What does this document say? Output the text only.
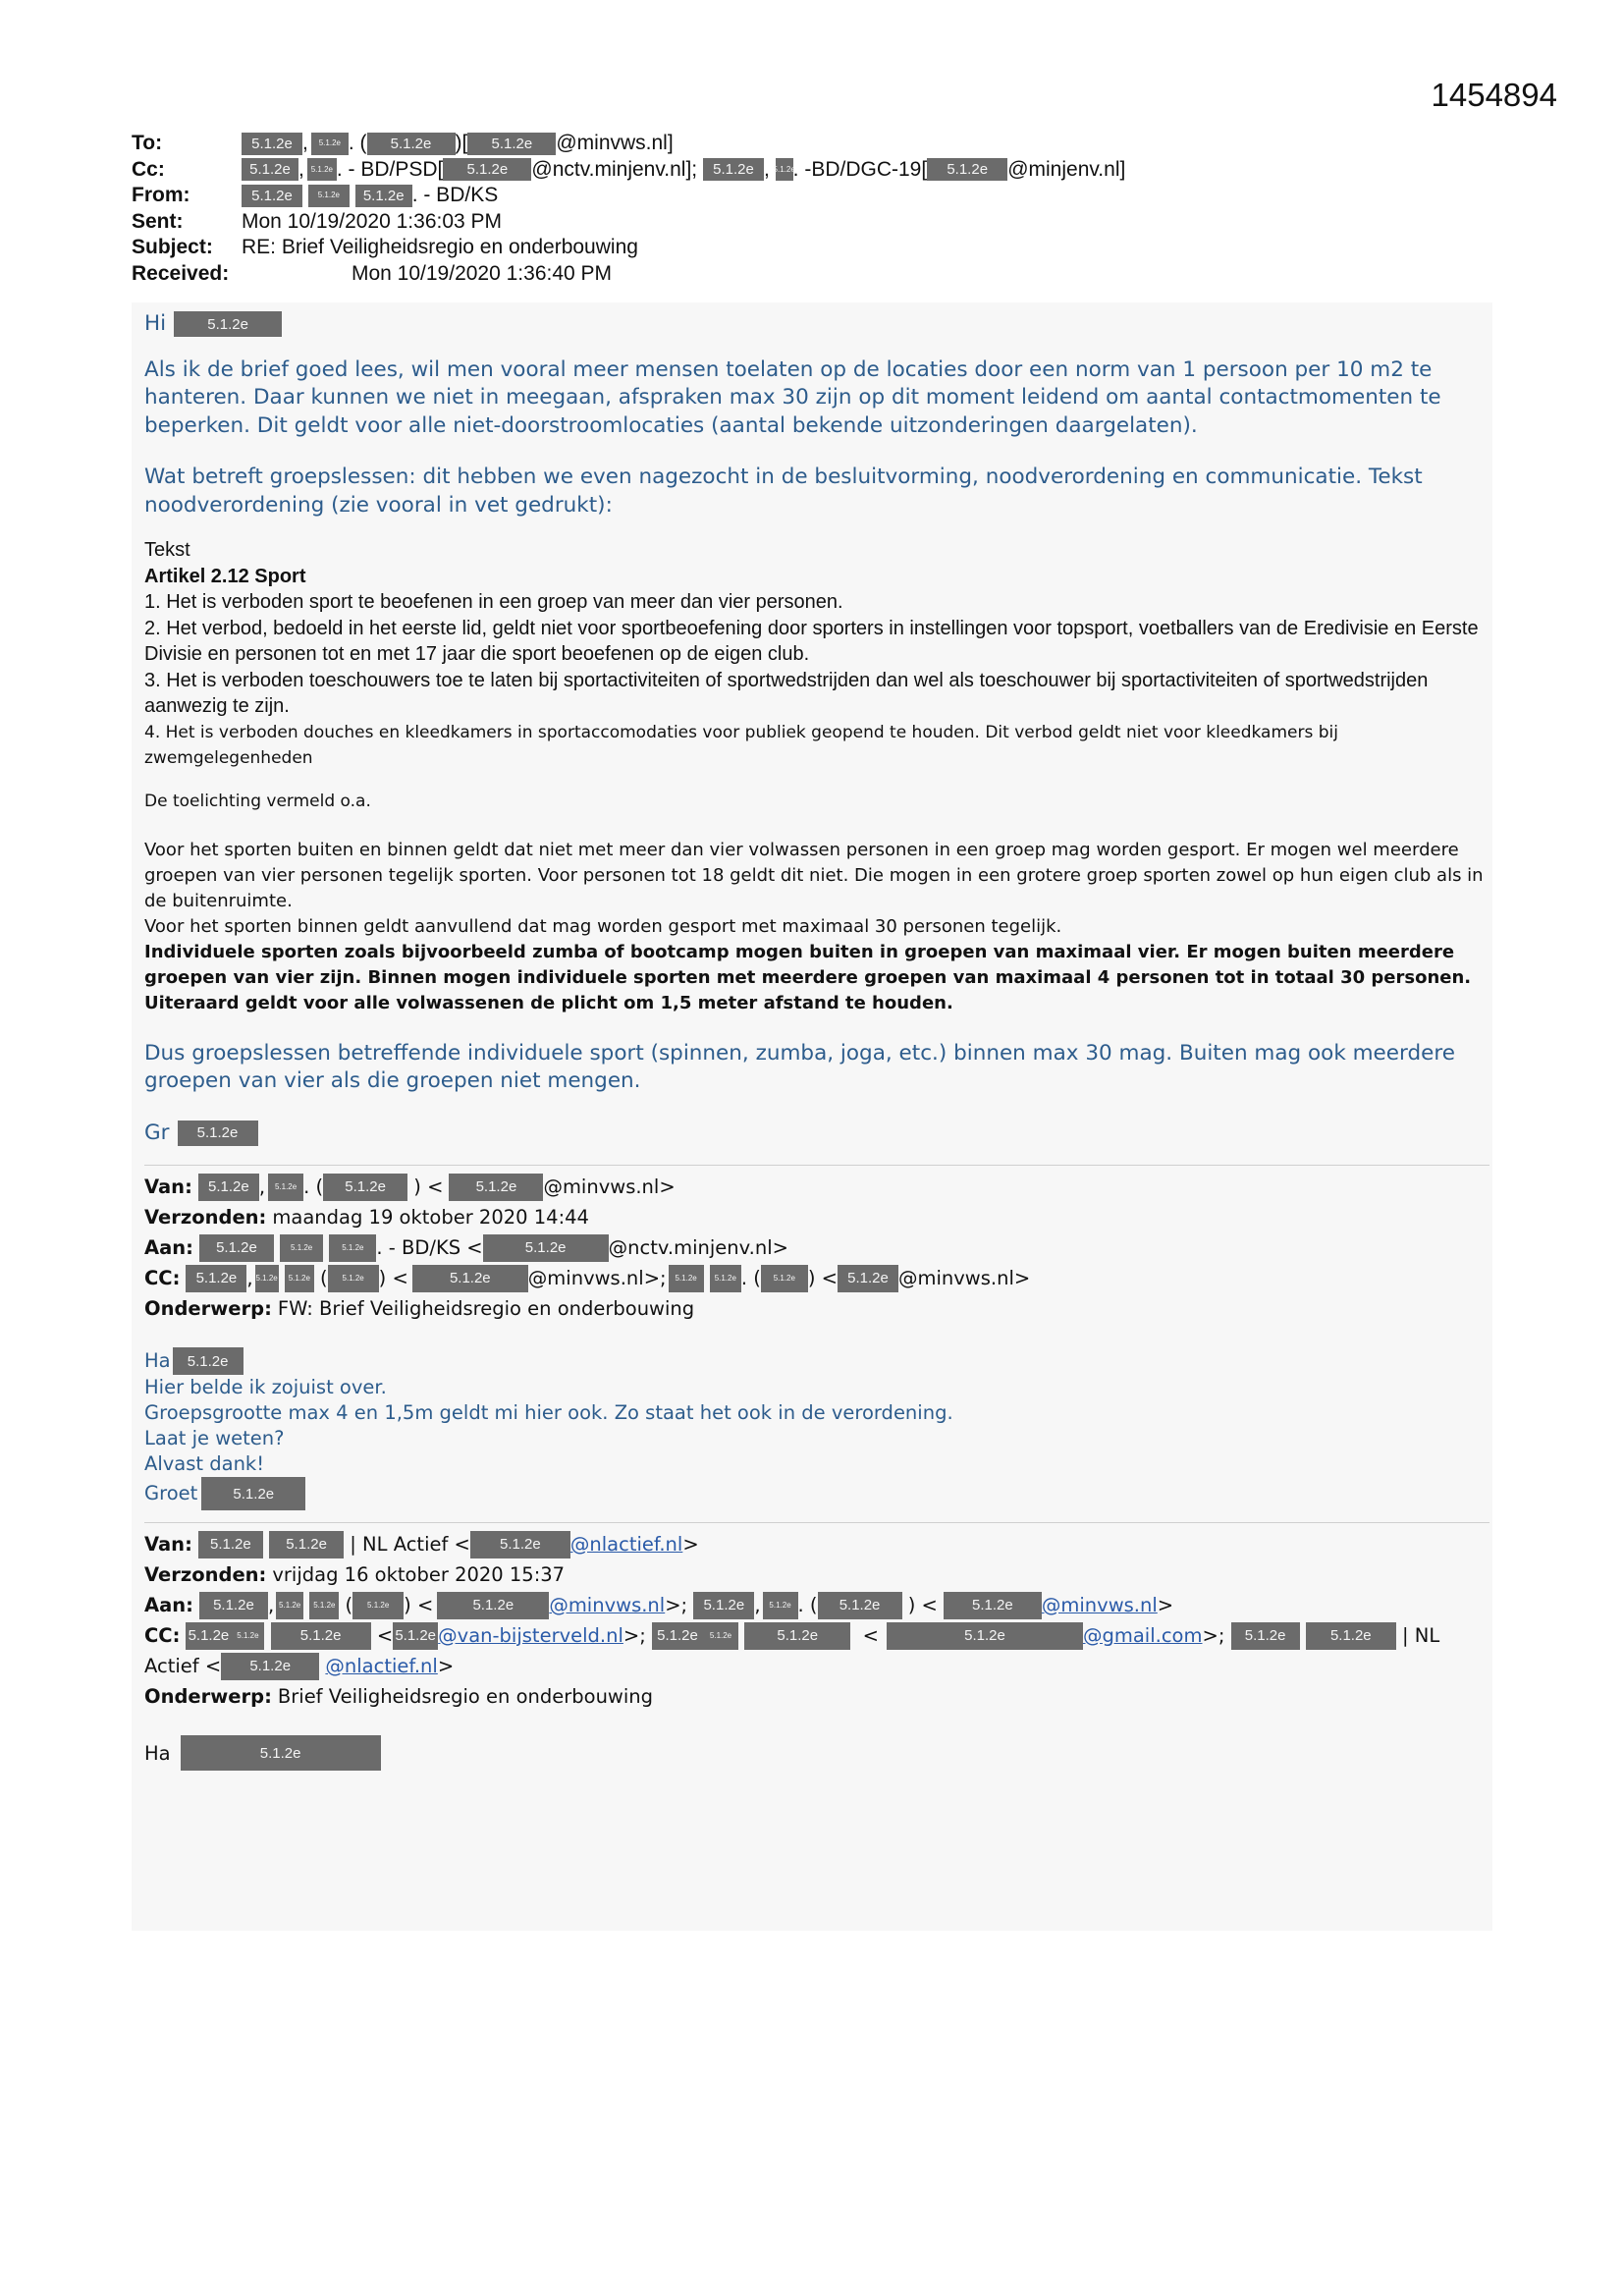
1454894
To:	5.1.2e ,	5.1.2e . (	5.1.2e	)[	5.1.2e	@minvws.nl]
Cc:	5.1.2e , 5.1.2e . - BD/PSD[	5.1.2e	@nctv.minjenv.nl];
	5.1.2e ,
5.1.2e
. -BD/DGC-19[	5.1.2e @minjenv.nl]
From:	5.1.2e
	5.1.2e
	5.1.2e . - BD/KS
Sent:	Mon 10/19/2020 1:36:03 PM
Subject:	RE: Brief Veiligheidsregio en onderbouwing
Received:	Mon 10/19/2020 1:36:40 PM
Hi	5.1.2e

Als ik de brief goed lees, wil men vooral meer mensen toelaten op de locaties door een norm van 1 persoon per 10 m2 te hanteren. Daar kunnen we niet in meegaan, afspraken max 30 zijn op dit moment leidend om aantal contactmomenten te beperken. Dit geldt voor alle niet-doorstroomlocaties (aantal bekende uitzonderingen daargelaten).

Wat betreft groepslessen: dit hebben we even nagezocht in de besluitvorming, noodverordening en communicatie. Tekst noodverordening (zie vooral in vet gedrukt):

Tekst

Artikel 2.12 Sport

1. Het is verboden sport te beoefenen in een groep van meer dan vier personen.

2. Het verbod, bedoeld in het eerste lid, geldt niet voor sportbeoefening door sporters in instellingen voor topsport, voetballers van de Eredivisie en Eerste Divisie en personen tot en met 17 jaar die sport beoefenen op de eigen club.

3. Het is verboden toeschouwers toe te laten bij sportactiviteiten of sportwedstrijden dan wel als toeschouwer bij sportactiviteiten of sportwedstrijden aanwezig te zijn.

4. Het is verboden douches en kleedkamers in sportaccomodaties voor publiek geopend te houden. Dit verbod geldt niet voor kleedkamers bij zwemgelegenheden

De toelichting vermeld o.a.

Voor het sporten buiten en binnen geldt dat niet met meer dan vier volwassen personen in een groep mag worden gesport. Er mogen wel meerdere groepen van vier personen tegelijk sporten. Voor personen tot 18 geldt dit niet. Die mogen in een grotere groep sporten zowel op hun eigen club als in de buitenruimte.

Voor het sporten binnen geldt aanvullend dat mag worden gesport met maximaal 30 personen tegelijk.

Individuele sporten zoals bijvoorbeeld zumba of bootcamp mogen buiten in groepen van maximaal vier. Er mogen buiten meerdere groepen van vier zijn. Binnen mogen individuele sporten met meerdere groepen van maximaal 4 personen tot in totaal 30 personen. Uiteraard geldt voor alle volwassenen de plicht om 1,5 meter afstand te houden.

Dus groepslessen betreffende individuele sport (spinnen, zumba, joga, etc.) binnen max 30 mag. Buiten mag ook meerdere groepen van vier als die groepen niet mengen.

Gr	5.1.2e
Van:	5.1.2e ,	5.1.2e . (	5.1.2e	) <	5.1.2e	@minvws.nl>
Verzonden: maandag 19 oktober 2020 14:44
Aan:	5.1.2e
	5.1.2e
	5.1.2e . - BD/KS <	5.1.2e	@nctv.minjenv.nl>
CC:	5.1.2e , 5.1.2e
	5.1.2e (	5.1.2e ) <	5.1.2e	@minvws.nl>;	5.1.2e
	5.1.2e . (	5.1.2e ) < 5.1.2e @minvws.nl>
Onderwerp: FW: Brief Veiligheidsregio en onderbouwing
Ha	5.1.2e

Hier belde ik zojuist over.

Groepsgrootte max 4 en 1,5m geldt mi hier ook. Zo staat het ook in de verordening.

Laat je weten?

Alvast dank!

Groet	5.1.2e
Van:	5.1.2e
	5.1.2e
	| NL Actief <	5.1.2e	@nlactief.nl >
Verzonden: vrijdag 16 oktober 2020 15:37
Aan:	5.1.2e , 5.1.2e
	5.1.2e (	5.1.2e ) <	5.1.2e	@minvws.nl >; 5.1.2e ,	5.1.2e . (	5.1.2e	) <	5.1.2e	@minvws.nl >
CC: 5.1.2e	5.1.2e
	5.1.2e	< 5.1.2e @van-bijsterveld.nl >; 5.1.2e	5.1.2e
	5.1.2e	<	5.1.2e	@gmail.com >; 5.1.2e
	5.1.2e
	| NL
Actief <	5.1.2e
	@nlactief.nl >
Onderwerp: Brief Veiligheidsregio en onderbouwing
Ha	5.1.2e
